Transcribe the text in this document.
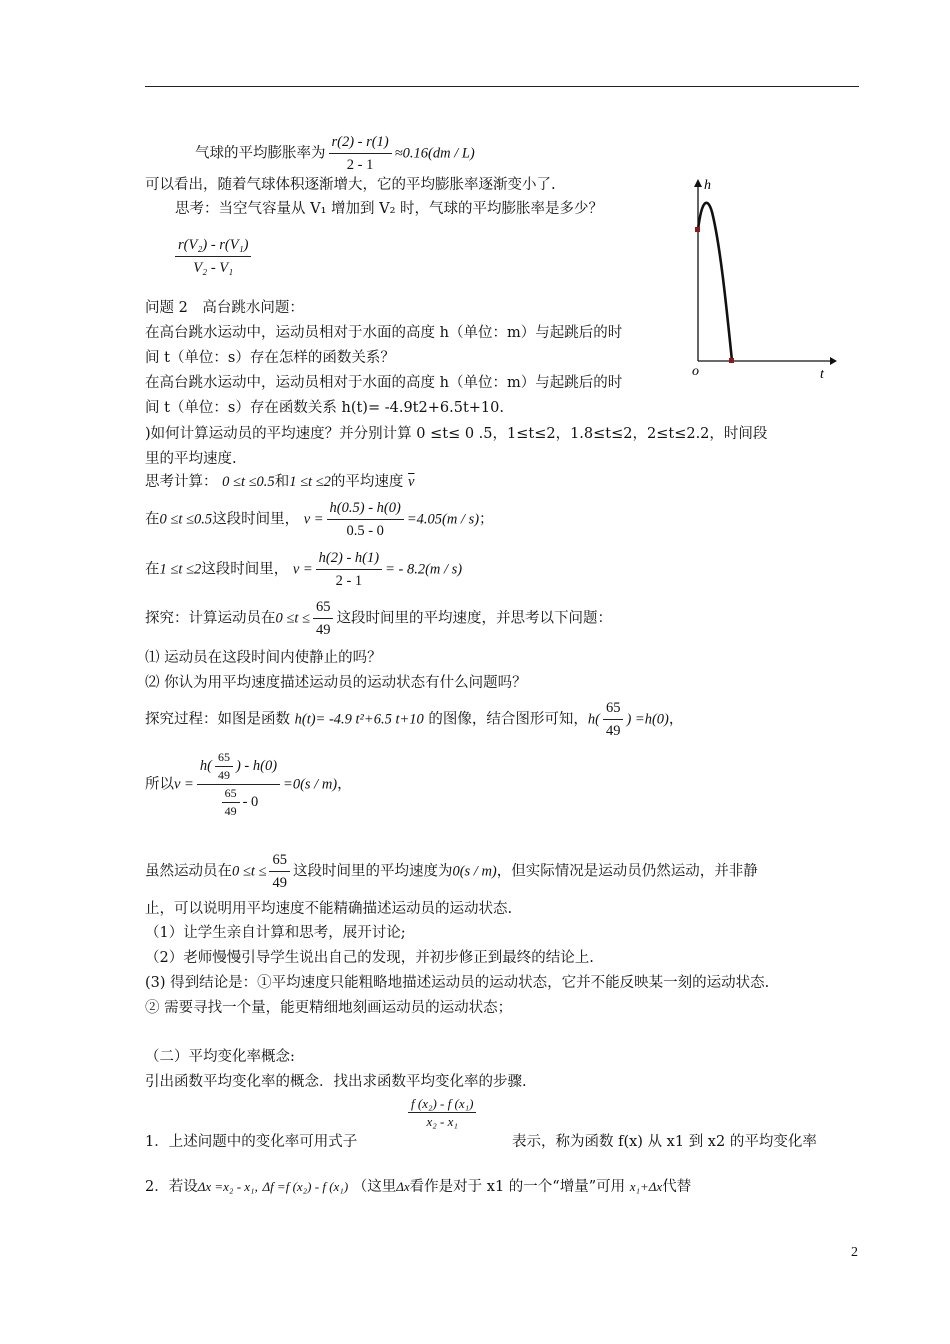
气球的平均膨胀率为 $\frac{r(2) - r(1)}{2 - 1} \approx 0.16(dm / L)$
可以看出，随着气球体积逐渐增大，它的平均膨胀率逐渐变小了.
思考：当空气容量从 V₁ 增加到 V₂ 时，气球的平均膨胀率是多少？
$\frac{\text{r(V₂) - r(V₁)}}{\text{V₂ - V₁}}$
h
t
o
问题 2　高台跳水问题：
在高台跳水运动中，运动员相对于水面的高度 h（单位：m）与起跳后的时
间 t（单位：s）存在怎样的函数关系？
在高台跳水运动中，运动员相对于水面的高度 h（单位：m）与起跳后的时
间 t（单位：s）存在函数关系 h(t)= -4.9t2+6.5t+10.
)如何计算运动员的平均速度？并分别计算 0 ≤t≤ 0 .5，1≤t≤2，1.8≤t≤2，2≤t≤2.2，时间段
里的平均速度.
思考计算： 0 ≤t ≤0.5和1 ≤t ≤2的平均速度 $\overline{v}$
在0 ≤t ≤0.5这段时间里， $v = \frac{h(0.5) - h(0)}{0.5 - 0} =4.05(m / s)$；
在1 ≤t ≤2这段时间里， $v = \frac{h(2) - h(1)}{2 - 1}$ = - 8.2(m / s)
探究：计算运动员在$0 \le t \le \frac{65}{49}$ 这段时间里的平均速度，并思考以下问题：
⑴ 运动员在这段时间内使静止的吗？
⑵ 你认为用平均速度描述运动员的运动状态有什么问题吗？
探究过程：如图是函数 h(t)= -4.9 t²+6.5 t+10 的图像，结合图形可知，$h( \frac{65}{49}$ ) =h(0)，
所以$v = \frac{h( \frac{65}{49} ) - h(0)}{\frac{65}{49} - 0} =0(s / m)$，
虽然运动员在$0 \le t \le \frac{65}{49}$ 这段时间里的平均速度为0(s / m)，但实际情况是运动员仍然运动，并非静
止，可以说明用平均速度不能精确描述运动员的运动状态.
（1）让学生亲自计算和思考，展开讨论;
（2）老师慢慢引导学生说出自己的发现，并初步修正到最终的结论上.
(3) 得到结论是：①平均速度只能粗略地描述运动员的运动状态，它并不能反映某一刻的运动状态.
② 需要寻找一个量，能更精细地刻画运动员的运动状态；
（二）平均变化率概念:
引出函数平均变化率的概念．找出求函数平均变化率的步骤.
$\frac{\text{f (x₂) - f (x₁)}}{\text{x₂ - x₁}}$
1．上述问题中的变化率可用式子	表示，称为函数 f(x) 从 x1 到 x2 的平均变化率
2．若设Δx =x₂ - x₁, Δf =f (x₂) - f (x₁) （这里Δx看作是对于 x1 的一个“增量”可用 x₁+Δx代替
2
